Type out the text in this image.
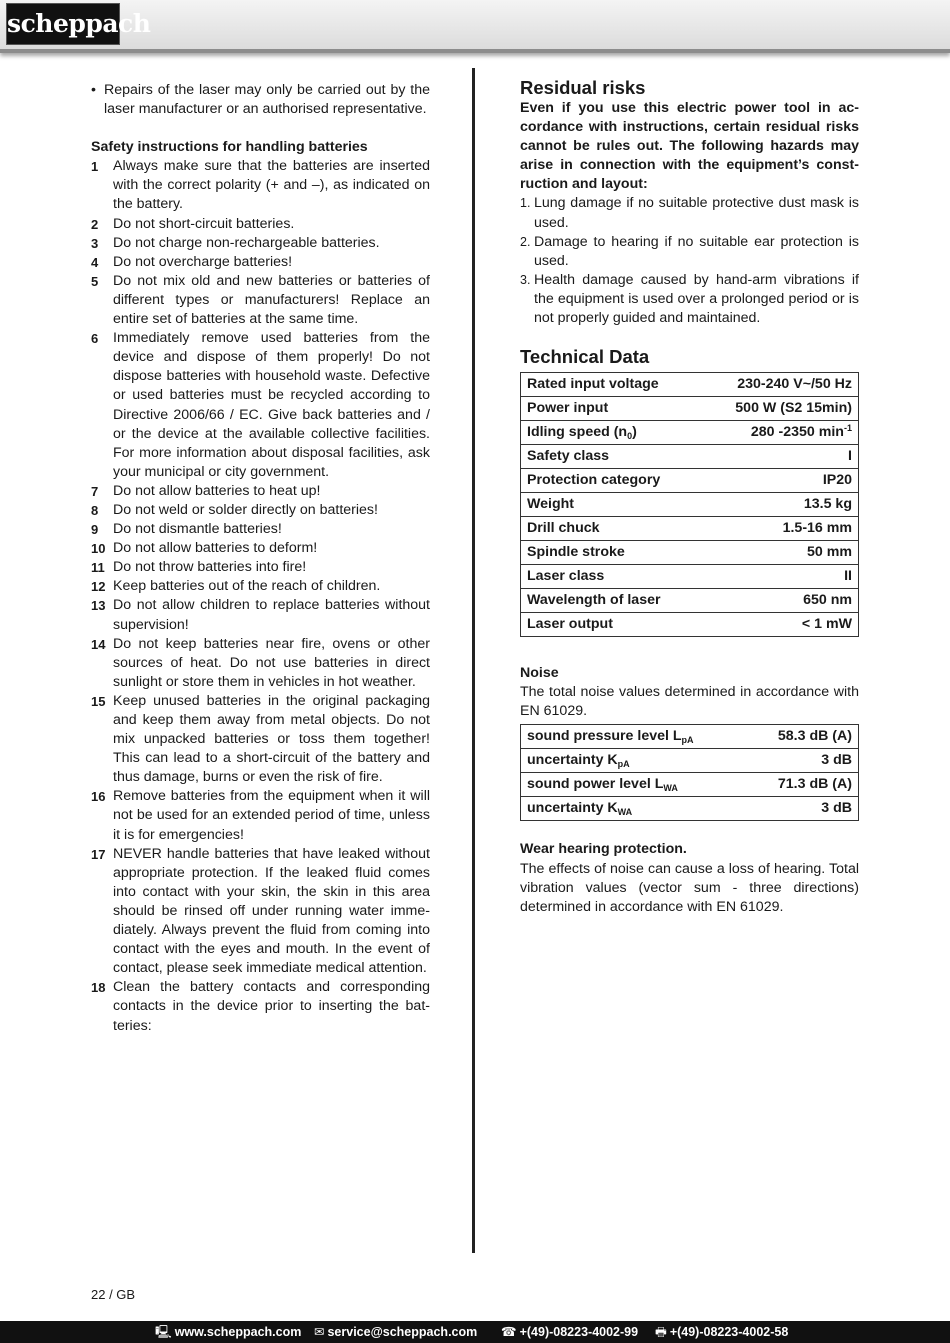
scheppach
• Repairs of the laser may only be carried out by the laser manufacturer or an authorised representative.
Safety instructions for handling batteries
1 Always make sure that the batteries are inserted with the correct polarity (+ and –), as indicated on the battery.
2 Do not short-circuit batteries.
3 Do not charge non-rechargeable batteries.
4 Do not overcharge batteries!
5 Do not mix old and new batteries or batteries of different types or manufacturers! Replace an entire set of batteries at the same time.
6 Immediately remove used batteries from the device and dispose of them properly! Do not dispose batteries with household waste. Defective or used batteries must be recycled according to Directive 2006/66 / EC. Give back batteries and / or the device at the available collective facilities. For more information about disposal facilities, ask your municipal or city government.
7 Do not allow batteries to heat up!
8 Do not weld or solder directly on batteries!
9 Do not dismantle batteries!
10 Do not allow batteries to deform!
11 Do not throw batteries into fire!
12 Keep batteries out of the reach of children.
13 Do not allow children to replace batteries without supervision!
14 Do not keep batteries near fire, ovens or other sources of heat. Do not use batteries in direct sunlight or store them in vehicles in hot weather.
15 Keep unused batteries in the original packaging and keep them away from metal objects. Do not mix unpacked batteries or toss them together! This can lead to a short-circuit of the battery and thus damage, burns or even the risk of fire.
16 Remove batteries from the equipment when it will not be used for an extended period of time, unless it is for emergencies!
17 NEVER handle batteries that have leaked without appropriate protection. If the leaked fluid comes into contact with your skin, the skin in this area should be rinsed off under running water immediately. Always prevent the fluid from coming into contact with the eyes and mouth. In the event of contact, please seek immediate medical attention.
18 Clean the battery contacts and corresponding contacts in the device prior to inserting the batteries:
Residual risks
Even if you use this electric power tool in accordance with instructions, certain residual risks cannot be rules out. The following hazards may arise in connection with the equipment’s construction and layout:
1. Lung damage if no suitable protective dust mask is used.
2. Damage to hearing if no suitable ear protection is used.
3. Health damage caused by hand-arm vibrations if the equipment is used over a prolonged period or is not properly guided and maintained.
Technical Data
Rated input voltage	230-240 V~/50 Hz
Power input	500 W (S2 15min)
Idling speed $(n_0)$	280 -2350 $\min^{-1}$
Safety class	I
Protection category	IP20
Weight	13.5 kg
Drill chuck	1.5-16 mm
Spindle stroke	50 mm
Laser class	II
Wavelength of laser	650 nm
Laser output	< 1 mW
Noise
The total noise values determined in accordance with EN 61029.
sound pressure level $L_{pA}$	58.3 dB (A)
uncertainty $K_{pA}$	3 dB
sound power level $L_{WA}$	71.3 dB (A)
uncertainty $K_{WA}$	3 dB
Wear hearing protection.
The effects of noise can cause a loss of hearing. Total vibration values (vector sum - three directions) determined in accordance with EN 61029.
22 / GB
🖳 www.scheppach.com ✉ service@scheppach.com ☎ +(49)-08223-4002-99 🖶 +(49)-08223-4002-58
